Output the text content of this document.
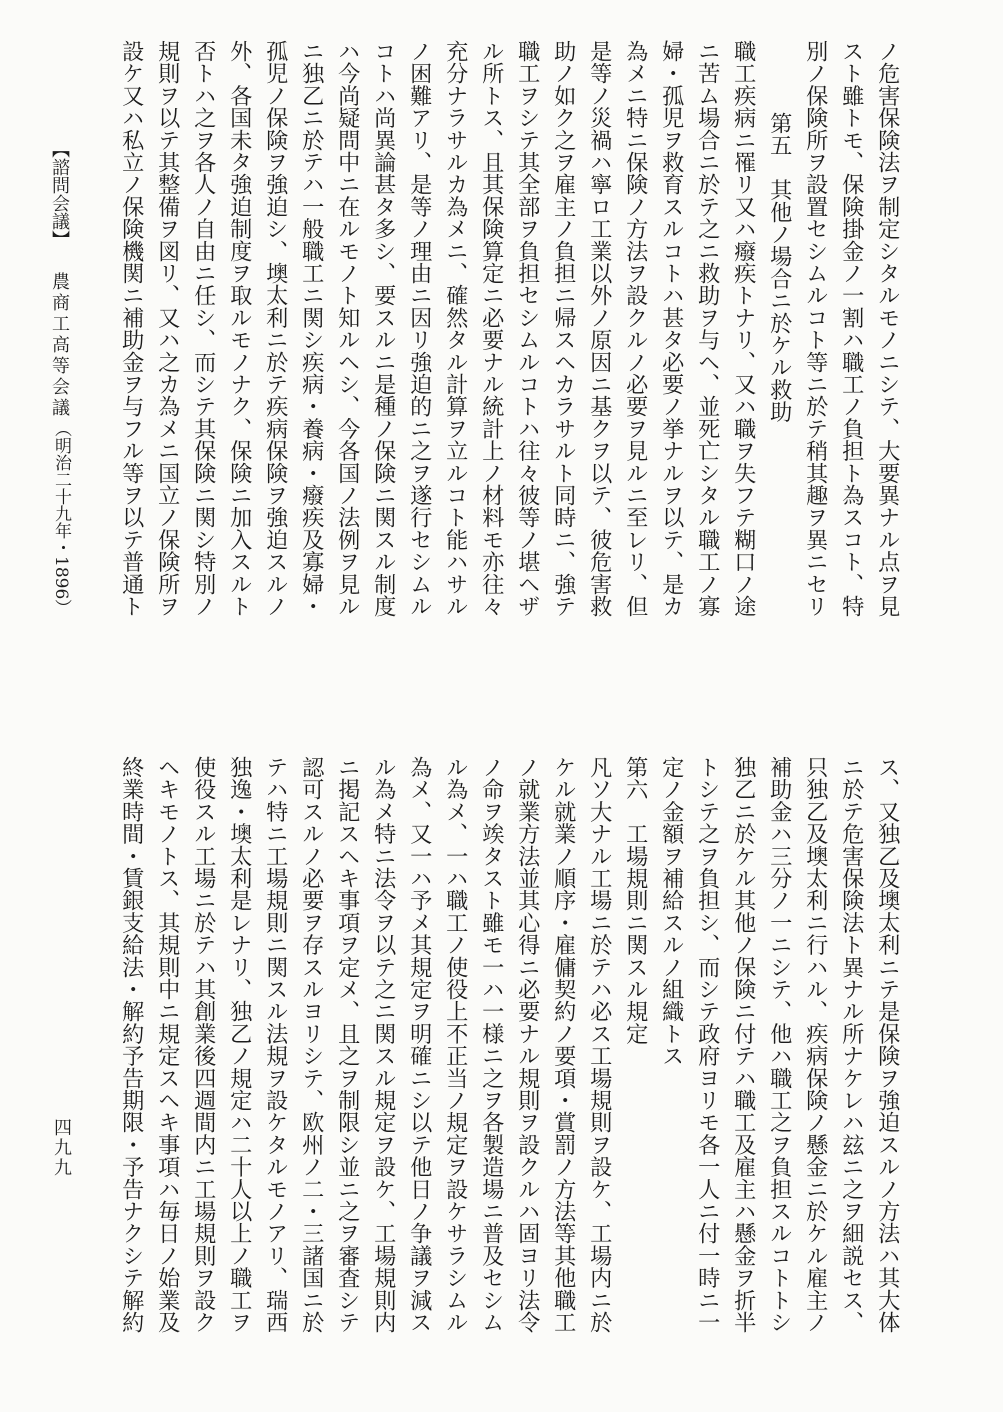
ノ危害保険法ヲ制定シタルモノニシテ、大要異ナル点ヲ見
スト雖トモ、保険掛金ノ一割ハ職工ノ負担ト為スコト、特
別ノ保険所ヲ設置セシムルコト等ニ於テ稍其趣ヲ異ニセリ
第五　其他ノ場合ニ於ケル救助
職工疾病ニ罹リ又ハ癈疾トナリ、又ハ職ヲ失フテ糊口ノ途
ニ苦ム場合ニ於テ之ニ救助ヲ与ヘ、並死亡シタル職工ノ寡
婦・孤児ヲ救育スルコトハ甚タ必要ノ挙ナルヲ以テ、是カ
為メニ特ニ保険ノ方法ヲ設クルノ必要ヲ見ルニ至レリ、但
是等ノ災禍ハ寧ロ工業以外ノ原因ニ基クヲ以テ、彼危害救
助ノ如ク之ヲ雇主ノ負担ニ帰スヘカラサルト同時ニ、強テ
職工ヲシテ其全部ヲ負担セシムルコトハ往々彼等ノ堪ヘザ
ル所トス、且其保険算定ニ必要ナル統計上ノ材料モ亦往々
充分ナラサルカ為メニ、確然タル計算ヲ立ルコト能ハサル
ノ困難アリ、是等ノ理由ニ因リ強迫的ニ之ヲ遂行セシムル
コトハ尚異論甚タ多シ、要スルニ是種ノ保険ニ関スル制度
ハ今尚疑問中ニ在ルモノト知ルヘシ、今各国ノ法例ヲ見ル
ニ独乙ニ於テハ一般職工ニ関シ疾病・養病・癈疾及寡婦・
孤児ノ保険ヲ強迫シ、墺太利ニ於テ疾病保険ヲ強迫スルノ
外、各国未タ強迫制度ヲ取ルモノナク、保険ニ加入スルト
否トハ之ヲ各人ノ自由ニ任シ、而シテ其保険ニ関シ特別ノ
規則ヲ以テ其整備ヲ図リ、又ハ之カ為メニ国立ノ保険所ヲ
設ケ又ハ私立ノ保険機関ニ補助金ヲ与フル等ヲ以テ普通ト
ス、又独乙及墺太利ニテ是保険ヲ強迫スルノ方法ハ其大体
ニ於テ危害保険法ト異ナル所ナケレハ玆ニ之ヲ細説セス、
只独乙及墺太利ニ行ハル、疾病保険ノ懸金ニ於ケル雇主ノ
補助金ハ三分ノ一ニシテ、他ハ職工之ヲ負担スルコトトシ
独乙ニ於ケル其他ノ保険ニ付テハ職工及雇主ハ懸金ヲ折半
トシテ之ヲ負担シ、而シテ政府ヨリモ各一人ニ付一時ニ一
定ノ金額ヲ補給スルノ組織トス
第六　工場規則ニ関スル規定
凡ソ大ナル工場ニ於テハ必ス工場規則ヲ設ケ、工場内ニ於
ケル就業ノ順序・雇傭契約ノ要項・賞罰ノ方法等其他職工
ノ就業方法並其心得ニ必要ナル規則ヲ設クルハ固ヨリ法令
ノ命ヲ竢タスト雖モ一ハ一様ニ之ヲ各製造場ニ普及セシム
ル為メ、一ハ職工ノ使役上不正当ノ規定ヲ設ケサラシムル
為メ、又一ハ予メ其規定ヲ明確ニシ以テ他日ノ争議ヲ減ス
ル為メ特ニ法令ヲ以テ之ニ関スル規定ヲ設ケ、工場規則内
ニ掲記スヘキ事項ヲ定メ、且之ヲ制限シ並ニ之ヲ審査シテ
認可スルノ必要ヲ存スルヨリシテ、欧州ノ二・三諸国ニ於
テハ特ニ工場規則ニ関スル法規ヲ設ケタルモノアリ、瑞西
独逸・墺太利是レナリ、独乙ノ規定ハ二十人以上ノ職工ヲ
使役スル工場ニ於テハ其創業後四週間内ニ工場規則ヲ設ク
ヘキモノトス、其規則中ニ規定スヘキ事項ハ毎日ノ始業及
終業時間・賃銀支給法・解約予告期限・予告ナクシテ解約
【諮問会議】
農商工高等会議
（明治二十九年・1896）
四九九
